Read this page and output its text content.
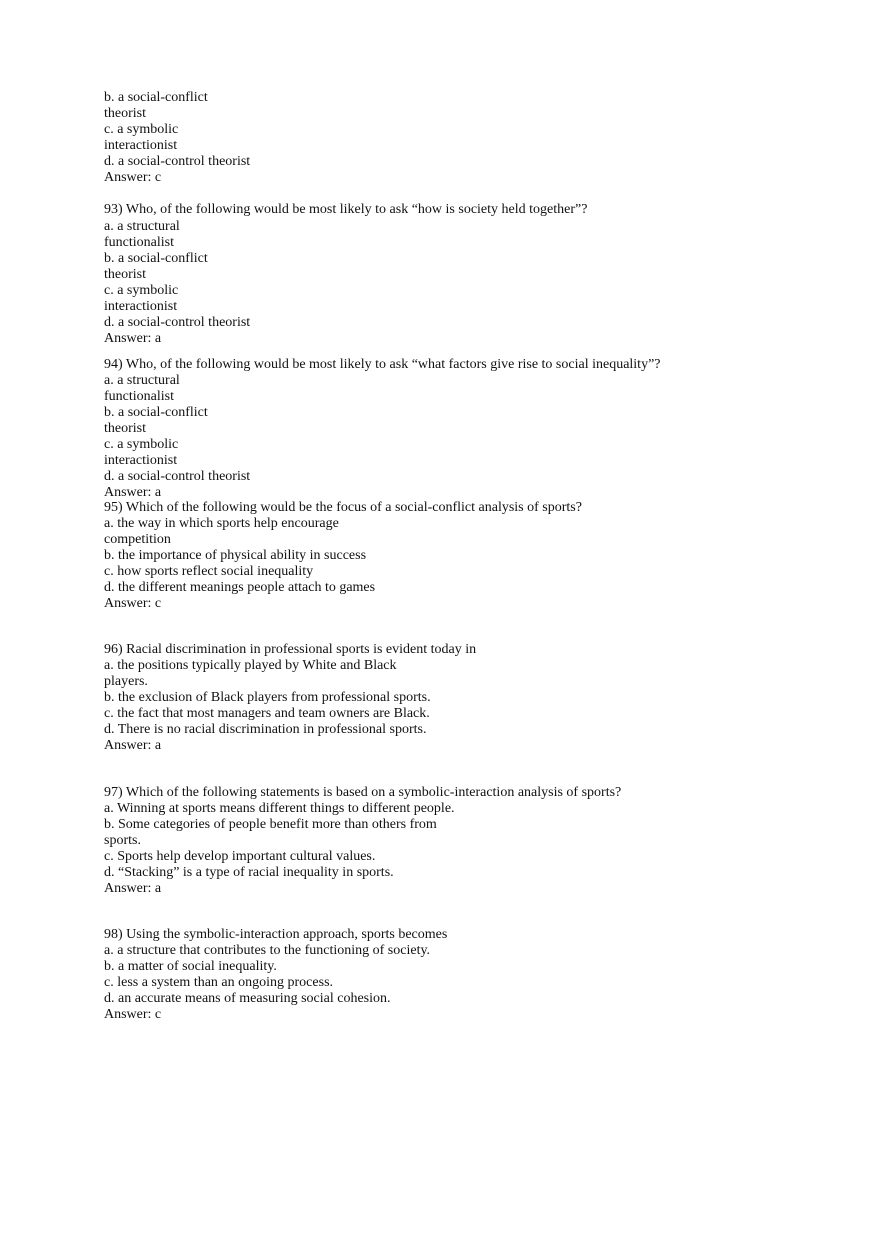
b. a social-conflict
theorist
c. a symbolic
interactionist
d. a social-control theorist
Answer: c
93) Who, of the following would be most likely to ask “how is society held together”?
a. a structural
functionalist
b. a social-conflict
theorist
c. a symbolic
interactionist
d. a social-control theorist
Answer: a
94) Who, of the following would be most likely to ask “what factors give rise to social inequality”?
a. a structural
functionalist
b. a social-conflict
theorist
c. a symbolic
interactionist
d. a social-control theorist
Answer: a
95) Which of the following would be the focus of a social-conflict analysis of sports?
a. the way in which sports help encourage
competition
b. the importance of physical ability in success
c. how sports reflect social inequality
d. the different meanings people attach to games
Answer: c
96) Racial discrimination in professional sports is evident today in
a. the positions typically played by White and Black
players.
b. the exclusion of Black players from professional sports.
c. the fact that most managers and team owners are Black.
d. There is no racial discrimination in professional sports.
Answer: a
97) Which of the following statements is based on a symbolic-interaction analysis of sports?
a. Winning at sports means different things to different people.
b. Some categories of people benefit more than others from
sports.
c. Sports help develop important cultural values.
d. “Stacking” is a type of racial inequality in sports.
Answer: a
98) Using the symbolic-interaction approach, sports becomes
a. a structure that contributes to the functioning of society.
b. a matter of social inequality.
c. less a system than an ongoing process.
d. an accurate means of measuring social cohesion.
Answer: c
